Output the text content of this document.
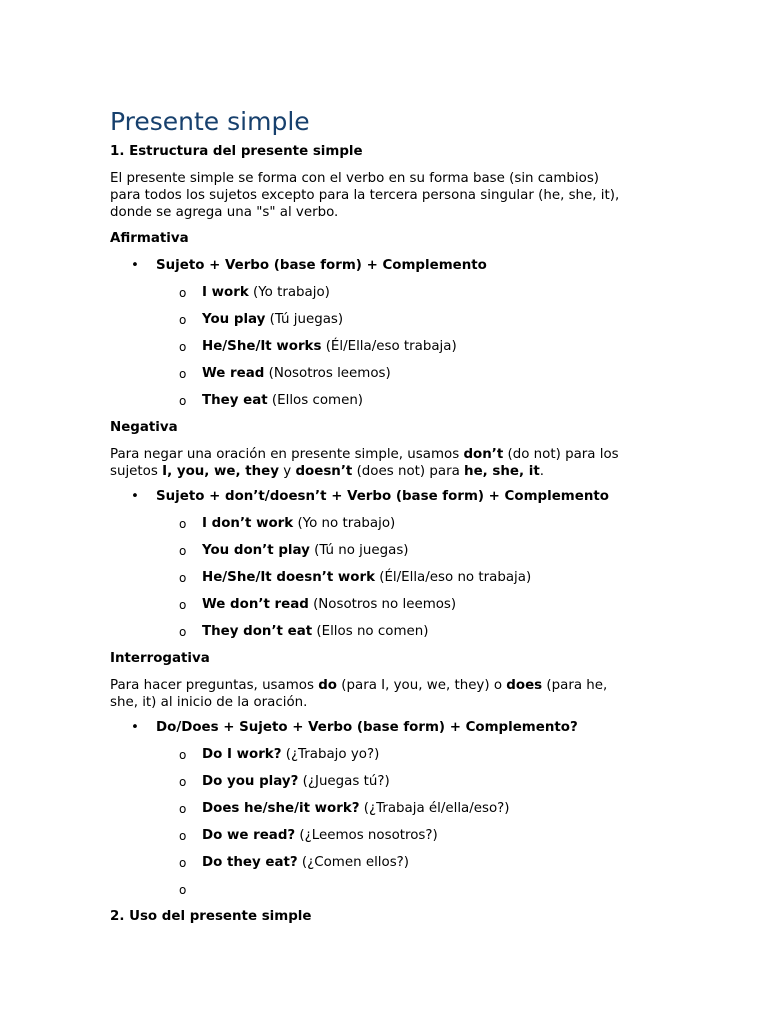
Presente simple

1. Estructura del presente simple

El presente simple se forma con el verbo en su forma base (sin cambios)

para todos los sujetos excepto para la tercera persona singular (he, she, it),

donde se agrega una "s" al verbo.

Afirmativa

• Sujeto + Verbo (base form) + Complemento
o I work (Yo trabajo)
o You play (Tú juegas)
o He/She/It works (Él/Ella/eso trabaja)
o We read (Nosotros leemos)
o They eat (Ellos comen)

Negativa

Para negar una oración en presente simple, usamos don’t (do not) para los

sujetos I, you, we, they y doesn’t (does not) para he, she, it.

• Sujeto + don’t/doesn’t + Verbo (base form) + Complemento
o I don’t work (Yo no trabajo)
o You don’t play (Tú no juegas)
o He/She/It doesn’t work (Él/Ella/eso no trabaja)
o We don’t read (Nosotros no leemos)
o They don’t eat (Ellos no comen)

Interrogativa

Para hacer preguntas, usamos do (para I, you, we, they) o does (para he,

she, it) al inicio de la oración.

• Do/Does + Sujeto + Verbo (base form) + Complemento?
o Do I work? (¿Trabajo yo?)
o Do you play? (¿Juegas tú?)
o Does he/she/it work? (¿Trabaja él/ella/eso?)
o Do we read? (¿Leemos nosotros?)
o Do they eat? (¿Comen ellos?)
o

2. Uso del presente simple
